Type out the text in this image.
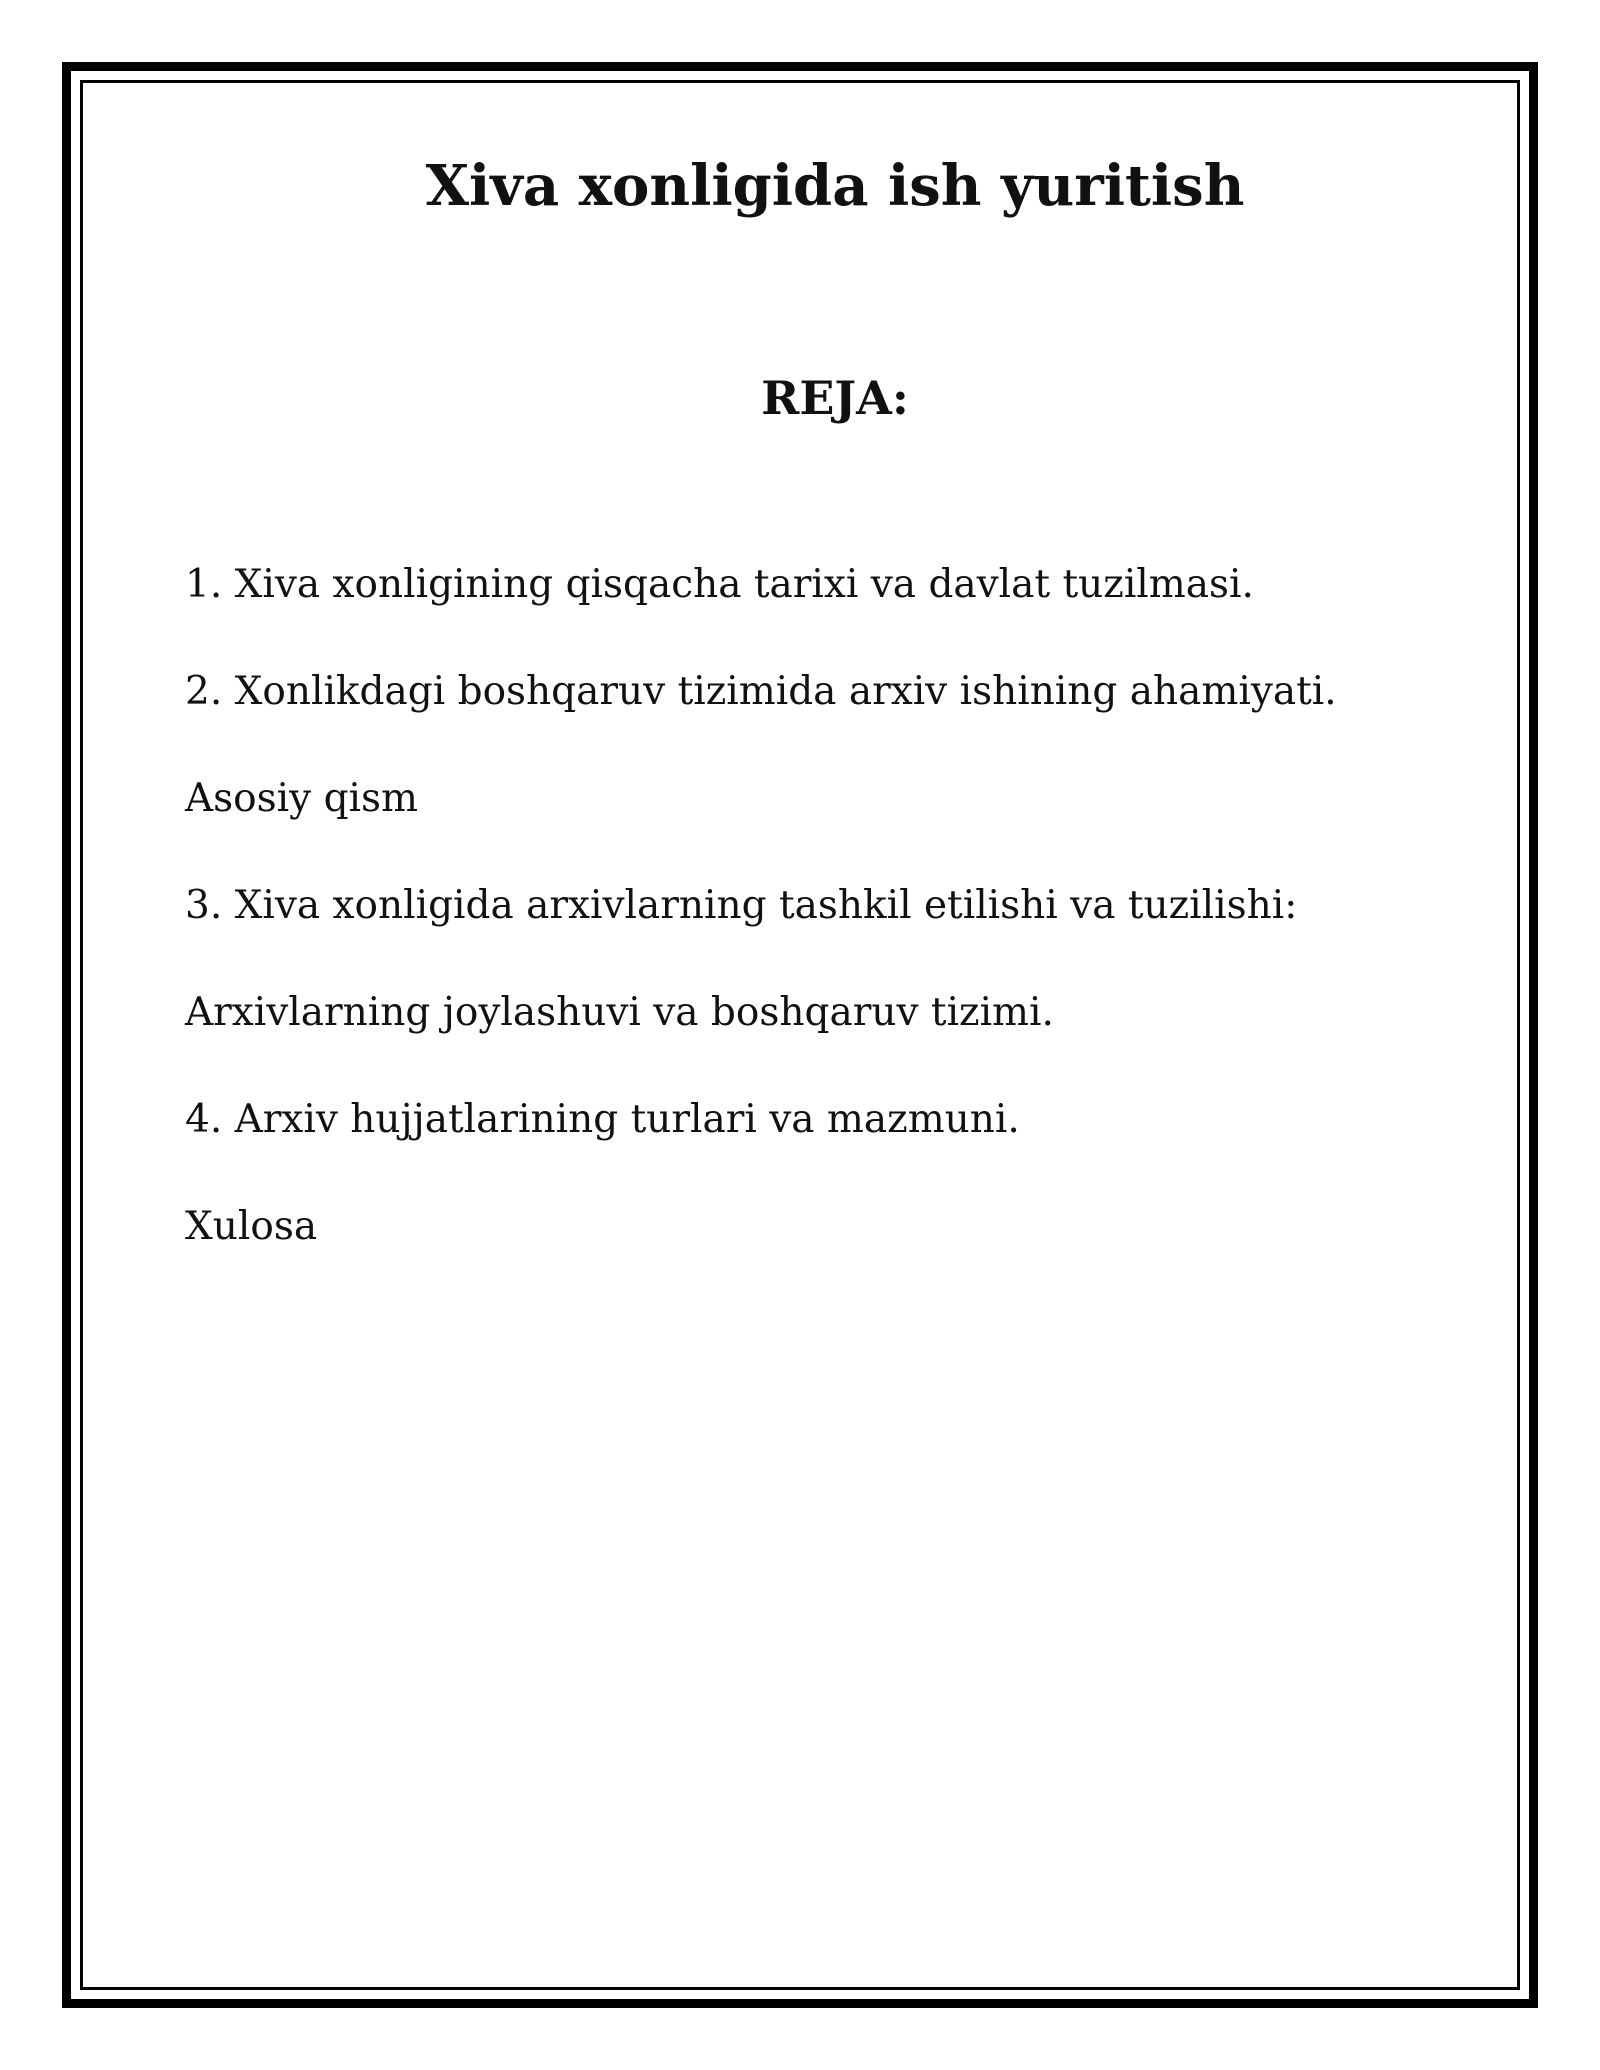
Xiva xonligida ish yuritish
REJA:
1. Xiva xonligining qisqacha tarixi va davlat tuzilmasi.
2. Xonlikdagi boshqaruv tizimida arxiv ishining ahamiyati.
Asosiy qism
3. Xiva xonligida arxivlarning tashkil etilishi va tuzilishi:
Arxivlarning joylashuvi va boshqaruv tizimi.
4. Arxiv hujjatlarining turlari va mazmuni.
Xulosa
